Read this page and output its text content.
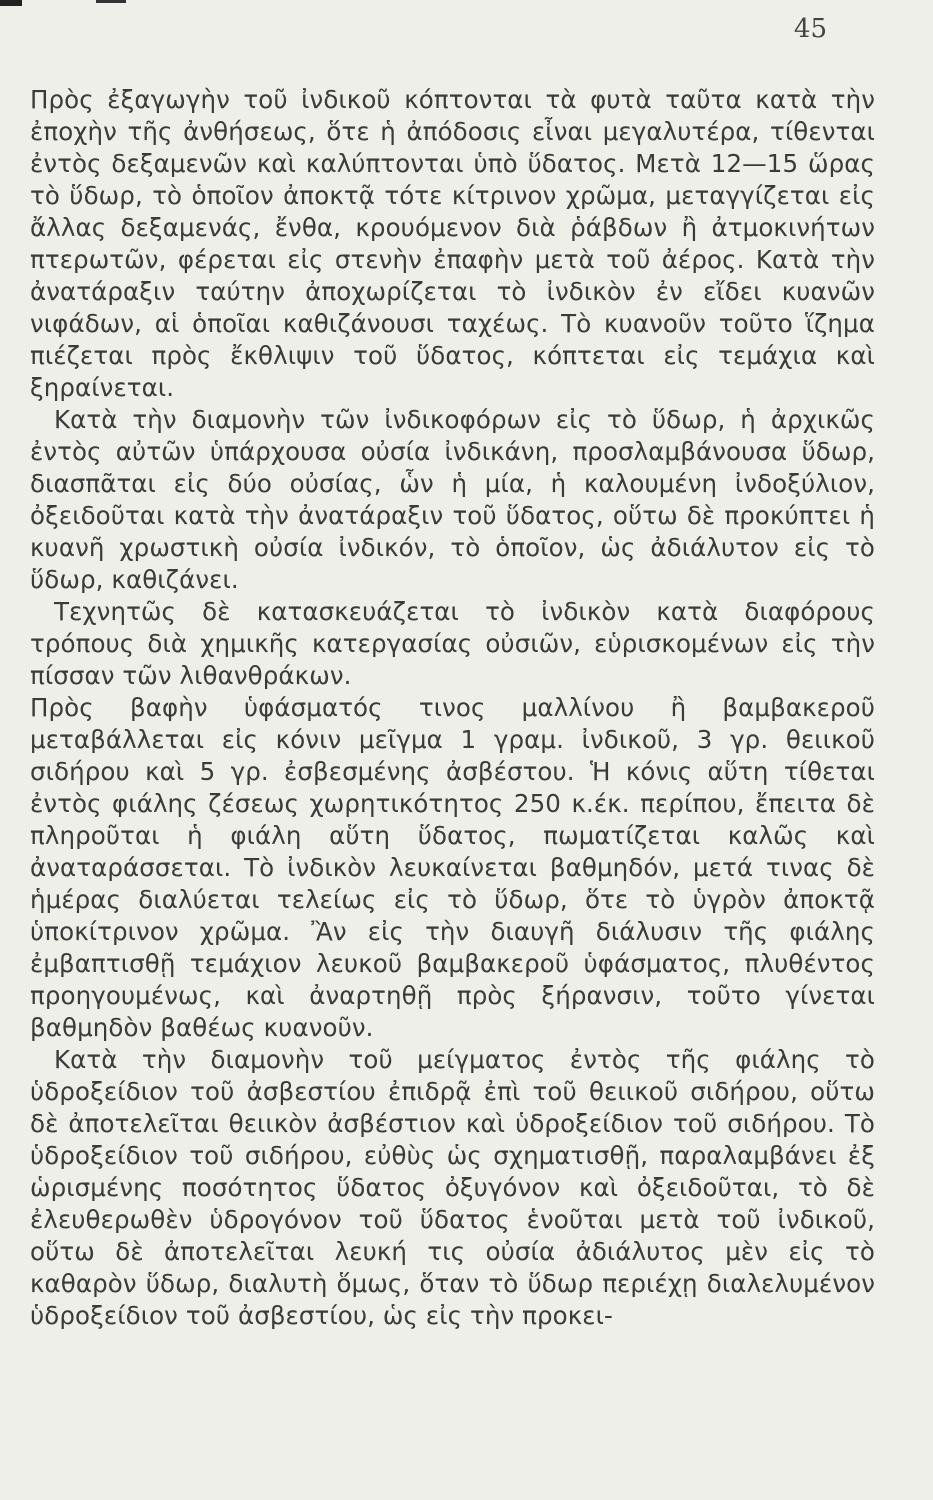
45

Πρὸς ἐξαγωγὴν τοῦ ἰνδικοῦ κόπτονται τὰ φυτὰ ταῦτα κατὰ τὴν ἐποχὴν τῆς ἀνθήσεως, ὅτε ἡ ἀπόδοσις εἶναι μεγαλυτέρα, τίθενται ἐντὸς δεξαμενῶν καὶ καλύπτονται ὑπὸ ὕδατος. Μετὰ 12—15 ὥρας τὸ ὕδωρ, τὸ ὁποῖον ἀποκτᾷ τότε κίτρινον χρῶμα, μεταγγίζεται εἰς ἄλλας δεξαμενάς, ἔνθα, κρουόμενον διὰ ῥάβδων ἢ ἀτμοκινήτων πτερωτῶν, φέρεται εἰς στενὴν ἐπαφὴν μετὰ τοῦ ἀέρος. Κατὰ τὴν ἀνατάραξιν ταύτην ἀποχωρίζεται τὸ ἰνδικὸν ἐν εἴδει κυανῶν νιφάδων, αἱ ὁποῖαι καθιζάνουσι ταχέως. Τὸ κυανοῦν τοῦτο ἵζημα πιέζεται πρὸς ἔκθλιψιν τοῦ ὕδατος, κόπτεται εἰς τεμάχια καὶ ξηραίνεται.

Κατὰ τὴν διαμονὴν τῶν ἰνδικοφόρων εἰς τὸ ὕδωρ, ἡ ἀρχικῶς ἐντὸς αὐτῶν ὑπάρχουσα οὐσία ἰνδικάνη, προσλαμβάνουσα ὕδωρ, διασπᾶται εἰς δύο οὐσίας, ὧν ἡ μία, ἡ καλουμένη ἰνδοξύλιον, ὀξειδοῦται κατὰ τὴν ἀνατάραξιν τοῦ ὕδατος, οὕτω δὲ προκύπτει ἡ κυανῆ χρωστικὴ οὐσία ἰνδικόν, τὸ ὁποῖον, ὡς ἀδιάλυτον εἰς τὸ ὕδωρ, καθιζάνει.

Τεχνητῶς δὲ κατασκευάζεται τὸ ἰνδικὸν κατὰ διαφόρους τρόπους διὰ χημικῆς κατεργασίας οὐσιῶν, εὑρισκομένων εἰς τὴν πίσσαν τῶν λιθανθράκων.

Πρὸς βαφὴν ὑφάσματός τινος μαλλίνου ἢ βαμβακεροῦ μεταβάλλεται εἰς κόνιν μεῖγμα 1 γραμ. ἰνδικοῦ, 3 γρ. θειικοῦ σιδήρου καὶ 5 γρ. ἐσβεσμένης ἀσβέστου. Ἡ κόνις αὕτη τίθεται ἐντὸς φιάλης ζέσεως χωρητικότητος 250 κ.έκ. περίπου, ἔπειτα δὲ πληροῦται ἡ φιάλη αὕτη ὕδατος, πωματίζεται καλῶς καὶ ἀναταράσσεται. Τὸ ἰνδικὸν λευκαίνεται βαθμηδόν, μετά τινας δὲ ἡμέρας διαλύεται τελείως εἰς τὸ ὕδωρ, ὅτε τὸ ὑγρὸν ἀποκτᾷ ὑποκίτρινον χρῶμα. Ἂν εἰς τὴν διαυγῆ διάλυσιν τῆς φιάλης ἐμβαπτισθῇ τεμάχιον λευκοῦ βαμβακεροῦ ὑφάσματος, πλυθέντος προηγουμένως, καὶ ἀναρτηθῇ πρὸς ξήρανσιν, τοῦτο γίνεται βαθμηδὸν βαθέως κυανοῦν.

Κατὰ τὴν διαμονὴν τοῦ μείγματος ἐντὸς τῆς φιάλης τὸ ὑδροξείδιον τοῦ ἀσβεστίου ἐπιδρᾷ ἐπὶ τοῦ θειικοῦ σιδήρου, οὕτω δὲ ἀποτελεῖται θειικὸν ἀσβέστιον καὶ ὑδροξείδιον τοῦ σιδήρου. Τὸ ὑδροξείδιον τοῦ σιδήρου, εὐθὺς ὡς σχηματισθῇ, παραλαμβάνει ἐξ ὡρισμένης ποσότητος ὕδατος ὀξυγόνον καὶ ὀξειδοῦται, τὸ δὲ ἐλευθερωθὲν ὑδρογόνον τοῦ ὕδατος ἑνοῦται μετὰ τοῦ ἰνδικοῦ, οὕτω δὲ ἀποτελεῖται λευκή τις οὐσία ἀδιάλυτος μὲν εἰς τὸ καθαρὸν ὕδωρ, διαλυτὴ ὅμως, ὅταν τὸ ὕδωρ περιέχῃ διαλελυμένον ὑδροξείδιον τοῦ ἀσβεστίου, ὡς εἰς τὴν προκει-
